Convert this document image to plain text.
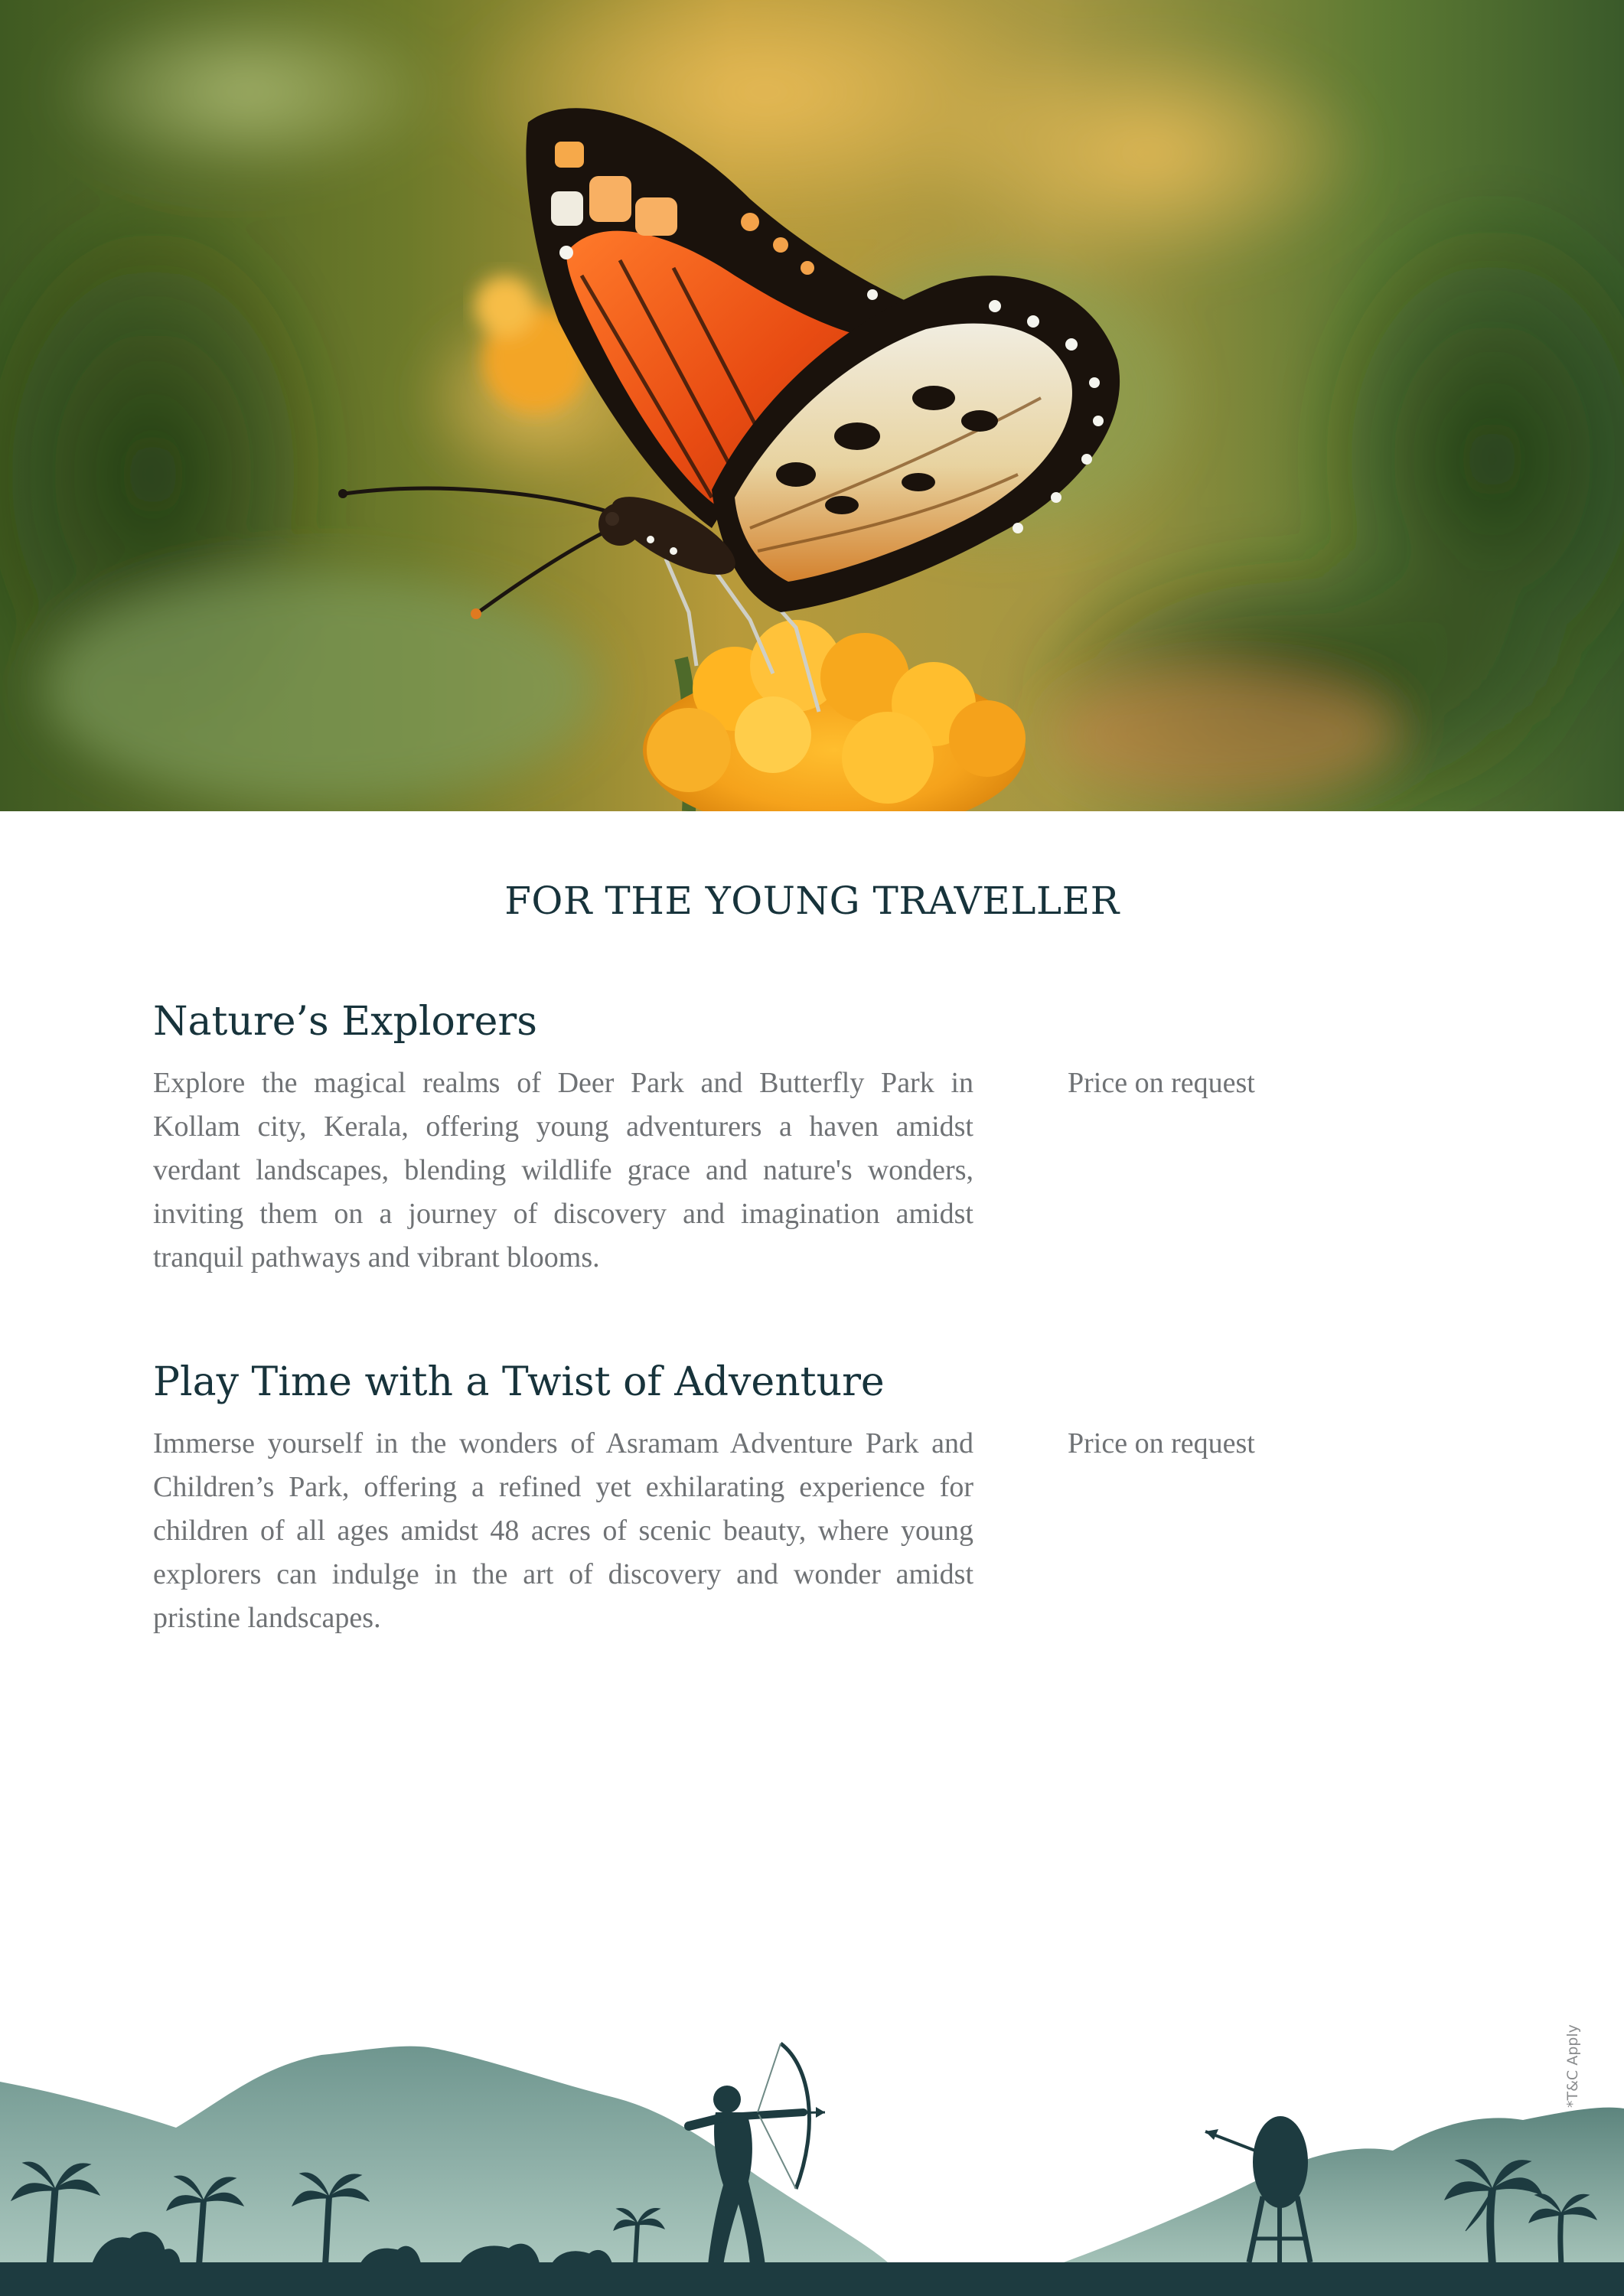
FOR THE YOUNG TRAVELLER
Nature’s Explorers

Explore the magical realms of Deer Park and Butterfly Park in Kollam city, Kerala, offering young adventurers a haven amidst verdant landscapes, blending wildlife grace and nature's wonders, inviting them on a journey of discovery and imagination amidst tranquil pathways and vibrant blooms.

Price on request
Play Time with a Twist of Adventure

Immerse yourself in the wonders of Asramam Adventure Park and Children’s Park, offering a refined yet exhilarating experience for children of all ages amidst 48 acres of scenic beauty, where young explorers can indulge in the art of discovery and wonder amidst pristine landscapes.

Price on request
*T&C Apply
